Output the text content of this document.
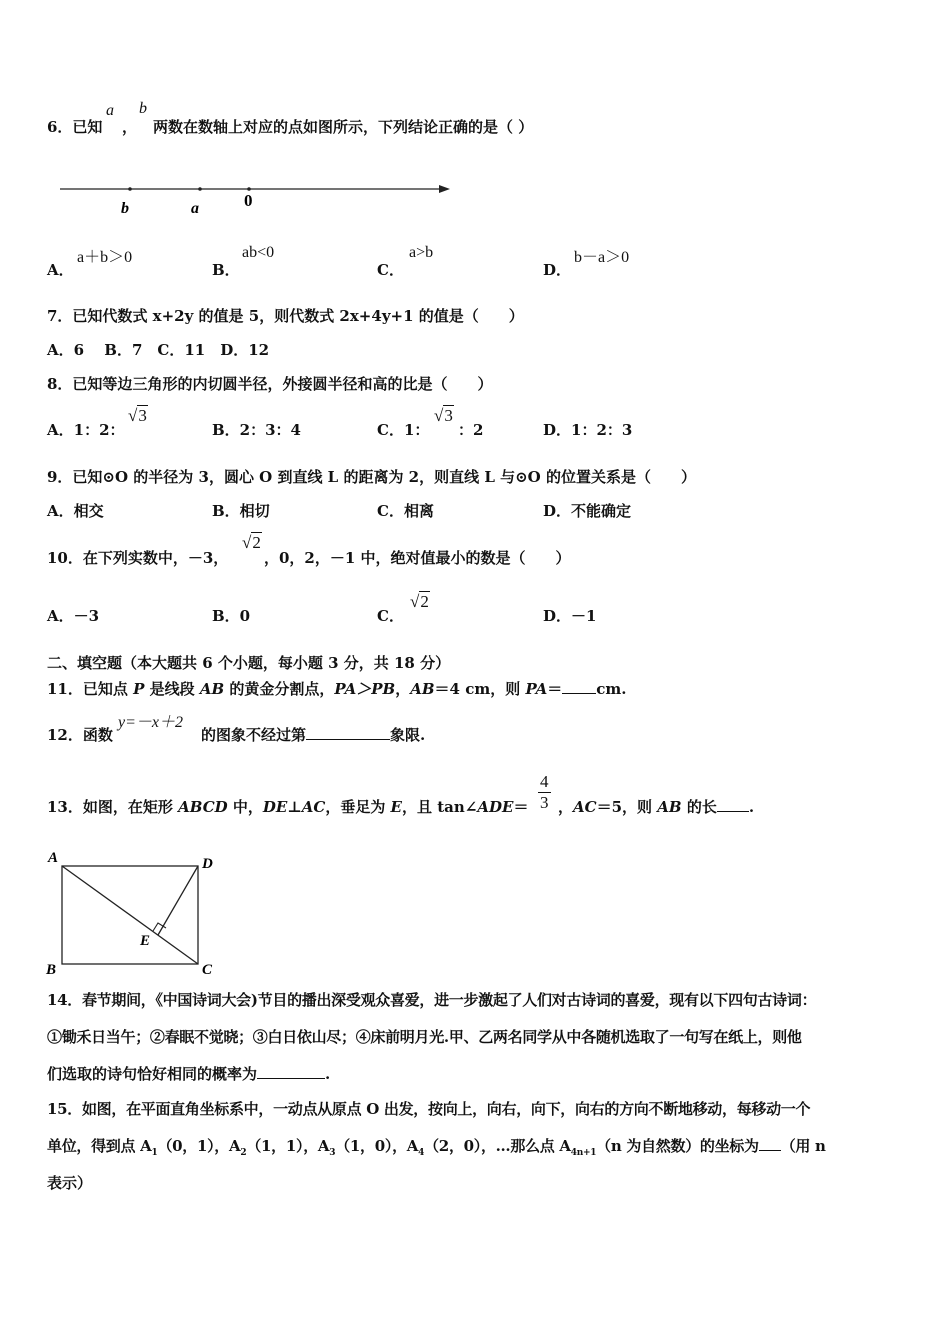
6．已知
a
，
b
两数在数轴上对应的点如图所示，下列结论正确的是（ ）
b	a	0
A．
a＋b＞0
B．
ab<0
C．
a>b
D．
b－a＞0
7．已知代数式 x+2y 的值是 5，则代数式 2x+4y+1 的值是（　　）
A．6　 B．7　C．11　D．12
8．已知等边三角形的内切圆半径，外接圆半径和高的比是（　　）
A．1：2：
√3
B．2：3：4	C．1：
√3
：2	D．1：2：3
9．已知⊙O 的半径为 3，圆心 O 到直线 L 的距离为 2，则直线 L 与⊙O 的位置关系是（　　）
A．相交	B．相切	C．相离	D．不能确定
10．在下列实数中，－3，
√2
，0，2，－1 中，绝对值最小的数是（　　）
A．－3	B．0	C．
√2
D．－1
二、填空题（本大题共 6 个小题，每小题 3 分，共 18 分）
11．已知点 P 是线段 AB 的黄金分割点，PA＞PB，AB＝4 cm，则 PA＝ cm.
12．函数
y=－x＋2
的图象不经过第	象限.
13．如图，在矩形 ABCD 中，DE⊥AC，垂足为 E，且 tan∠ADE＝ $\frac{4}{3}$ ，AC＝5，则 AB 的长 .
A	D
B	C
E
14．春节期间，《中国诗词大会)节目的播出深受观众喜爱，进一步激起了人们对古诗词的喜爱，现有以下四句古诗词：
①锄禾日当午；②春眠不觉晓；③白日依山尽；④床前明月光.甲、乙两名同学从中各随机选取了一句写在纸上，则他
们选取的诗句恰好相同的概率为	.
15．如图，在平面直角坐标系中，一动点从原点 O 出发，按向上，向右，向下，向右的方向不断地移动，每移动一个
单位，得到点 $A_1(0$，1），$A_2(1$，1），$A_3(1$，0），$A_4(2$，0），…那么点 $A_{4n+1}(n$ 为自然数）的坐标为 （用 n
表示）
